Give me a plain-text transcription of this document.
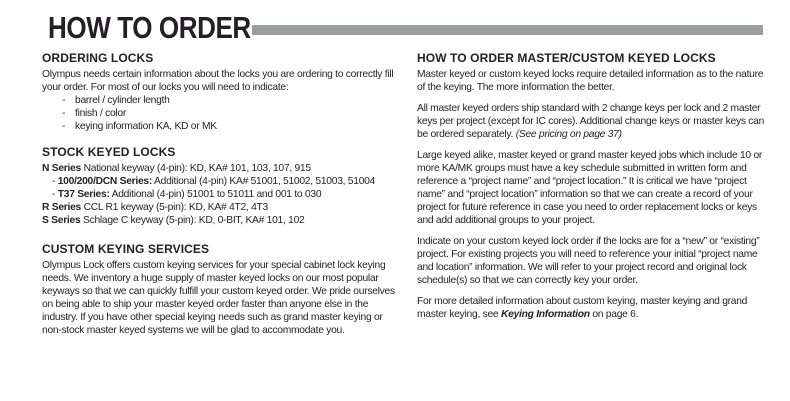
HOW TO ORDER
ORDERING LOCKS

Olympus needs certain information about the locks you are ordering to correctly fill your order. For most of our locks you will need to indicate:

- barrel / cylinder length
- finish / color
- keying information KA, KD or MK
STOCK KEYED LOCKS
N Series National keyway (4-pin): KD, KA# 101, 103, 107, 915
- 100/200/DCN Series: Additional (4-pin) KA# 51001, 51002, 51003, 51004
- T37 Series: Additional (4-pin) 51001 to 51011 and 001 to 030
R Series CCL R1 keyway (5-pin): KD, KA# 4T2, 4T3
S Series Schlage C keyway (5-pin): KD, 0-BIT, KA# 101, 102
CUSTOM KEYING SERVICES

Olympus Lock offers custom keying services for your special cabinet lock keying needs. We inventory a huge supply of master keyed locks on our most popular keyways so that we can quickly fulfill your custom keyed order. We pride ourselves on being able to ship your master keyed order faster than anyone else in the industry. If you have other special keying needs such as grand master keying or non-stock master keyed systems we will be glad to accommodate you.

HOW TO ORDER MASTER/CUSTOM KEYED LOCKS

Master keyed or custom keyed locks require detailed information as to the nature of the keying. The more information the better.

All master keyed orders ship standard with 2 change keys per lock and 2 master keys per project (except for IC cores). Additional change keys or master keys can be ordered separately. (See pricing on page 37)

Large keyed alike, master keyed or grand master keyed jobs which include 10 or more KA/MK groups must have a key schedule submitted in written form and reference a “project name” and “project location.” It is critical we have “project name” and “project location” information so that we can create a record of your project for future reference in case you need to order replacement locks or keys and add additional groups to your project.

Indicate on your custom keyed lock order if the locks are for a “new” or “existing” project. For existing projects you will need to reference your initial “project name and location” information. We will refer to your project record and original lock schedule(s) so that we can correctly key your order.

For more detailed information about custom keying, master keying and grand master keying, see Keying Information on page 6.
